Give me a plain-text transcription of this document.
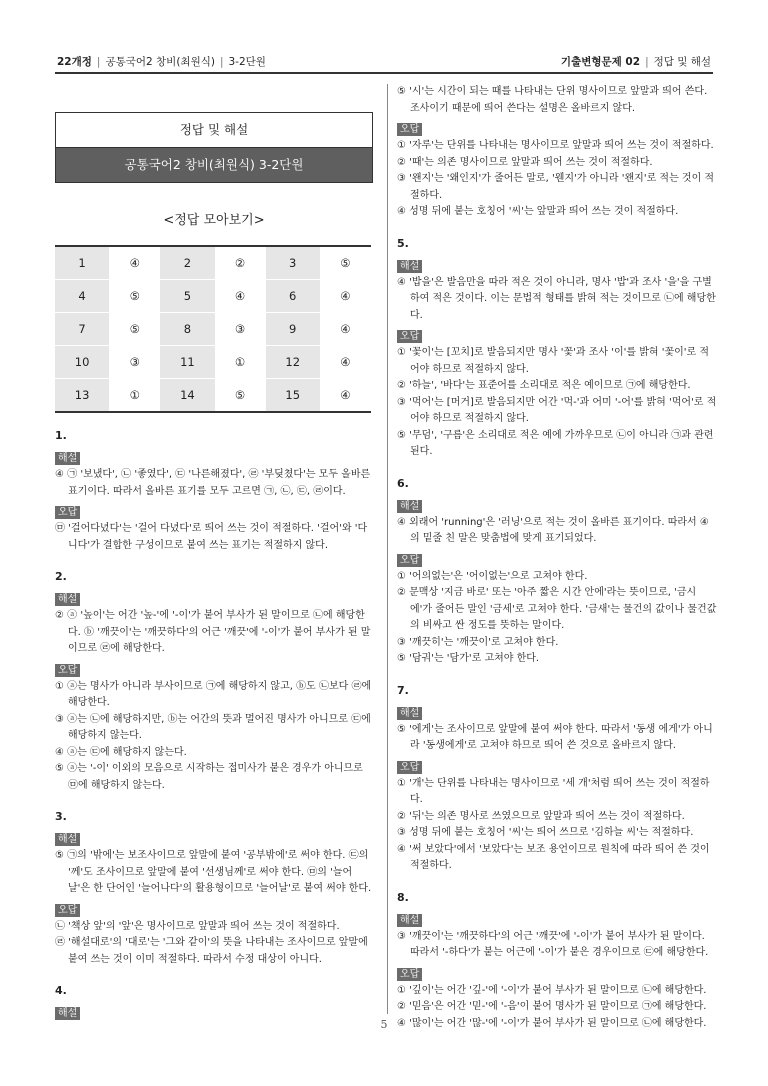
22개정 | 공통국어2 창비(최원식) | 3-2단원	기출변형문제 02 | 정답 및 해설
정답 및 해설
공통국어2 창비(최원식) 3-2단원
<정답 모아보기>
1	④	2	②	3	⑤
4	⑤	5	④	6	④
7	⑤	8	③	9	④
10	③	11	①	12	④
13	①	14	⑤	15	④
1.
해설
④ ㉠ '보냈다', ㉡ '좋였다', ㉢ '나른해졌다', ㉣ '부딪쳤다'는 모두 올바른 표기이다. 따라서 올바른 표기를 모두 고르면 ㉠, ㉡, ㉢, ㉣이다.
오답
㉤ '걸어다녔다'는 '걸어 다녔다'로 띄어 쓰는 것이 적절하다. '걸어'와 '다니다'가 결합한 구성이므로 붙여 쓰는 표기는 적절하지 않다.
2.
해설
② ⓐ '높이'는 어간 '높-'에 '-이'가 붙어 부사가 된 말이므로 ㉡에 해당한다. ⓑ '깨끗이'는 '깨끗하다'의 어근 '깨끗'에 '-이'가 붙어 부사가 된 말이므로 ㉣에 해당한다.
오답
① ⓐ는 명사가 아니라 부사이므로 ㉠에 해당하지 않고, ⓑ도 ㉡보다 ㉣에 해당한다.
③ ⓐ는 ㉡에 해당하지만, ⓑ는 어간의 뜻과 멀어진 명사가 아니므로 ㉢에 해당하지 않는다.
④ ⓐ는 ㉢에 해당하지 않는다.
⑤ ⓐ는 '-이' 이외의 모음으로 시작하는 접미사가 붙은 경우가 아니므로 ㉤에 해당하지 않는다.
3.
해설
⑤ ㉠의 '밖에'는 보조사이므로 앞말에 붙여 '공부밖에'로 써야 한다. ㉢의 '께'도 조사이므로 앞말에 붙여 '선생님께'로 써야 한다. ㉤의 '늘어 날'은 한 단어인 '늘어나다'의 활용형이므로 '늘어날'로 붙여 써야 한다.
오답
㉡ '책상 앞'의 '앞'은 명사이므로 앞말과 띄어 쓰는 것이 적절하다.
㉣ '해설대로'의 '대로'는 '그와 같이'의 뜻을 나타내는 조사이므로 앞말에 붙여 쓰는 것이 이미 적절하다. 따라서 수정 대상이 아니다.
4.
해설
⑤ '시'는 시간이 되는 때를 나타내는 단위 명사이므로 앞말과 띄어 쓴다. 조사이기 때문에 띄어 쓴다는 설명은 올바르지 않다.
오답
① '자루'는 단위를 나타내는 명사이므로 앞말과 띄어 쓰는 것이 적절하다.
② '때'는 의존 명사이므로 앞말과 띄어 쓰는 것이 적절하다.
③ '왠지'는 '왜인지'가 줄어든 말로, '웬지'가 아니라 '왠지'로 적는 것이 적절하다.
④ 성명 뒤에 붙는 호칭어 '씨'는 앞말과 띄어 쓰는 것이 적절하다.
5.
해설
④ '밥을'은 발음만을 따라 적은 것이 아니라, 명사 '밥'과 조사 '을'을 구별하여 적은 것이다. 이는 문법적 형태를 밝혀 적는 것이므로 ㉡에 해당한다.
오답
① '꽃이'는 [꼬치]로 발음되지만 명사 '꽃'과 조사 '이'를 밝혀 '꽃이'로 적어야 하므로 적절하지 않다.
② '하늘', '바다'는 표준어를 소리대로 적은 예이므로 ㉠에 해당한다.
③ '먹어'는 [머거]로 발음되지만 어간 '먹-'과 어미 '-어'를 밝혀 '먹어'로 적어야 하므로 적절하지 않다.
⑤ '무덤', '구름'은 소리대로 적은 예에 가까우므로 ㉡이 아니라 ㉠과 관련된다.
6.
해설
④ 외래어 'running'은 '러닝'으로 적는 것이 올바른 표기이다. 따라서 ④의 밑줄 친 말은 맞춤법에 맞게 표기되었다.
오답
① '어의없는'은 '어이없는'으로 고쳐야 한다.
② 문맥상 '지금 바로' 또는 '아주 짧은 시간 안에'라는 뜻이므로, '금시에'가 줄어든 말인 '금세'로 고쳐야 한다. '금새'는 물건의 값이나 물건값의 비싸고 싼 정도를 뜻하는 말이다.
③ '깨끗히'는 '깨끗이'로 고쳐야 한다.
⑤ '담궈'는 '담가'로 고쳐야 한다.
7.
해설
⑤ '에게'는 조사이므로 앞말에 붙여 써야 한다. 따라서 '동생 에게'가 아니라 '동생에게'로 고쳐야 하므로 띄어 쓴 것으로 올바르지 않다.
오답
① '개'는 단위를 나타내는 명사이므로 '세 개'처럼 띄어 쓰는 것이 적절하다.
② '뒤'는 의존 명사로 쓰였으므로 앞말과 띄어 쓰는 것이 적절하다.
③ 성명 뒤에 붙는 호칭어 '씨'는 띄어 쓰므로 '김하늘 씨'는 적절하다.
④ '써 보았다'에서 '보았다'는 보조 용언이므로 원칙에 따라 띄어 쓴 것이 적절하다.
8.
해설
③ '깨끗이'는 '깨끗하다'의 어근 '깨끗'에 '-이'가 붙어 부사가 된 말이다. 따라서 '-하다'가 붙는 어근에 '-이'가 붙은 경우이므로 ㉢에 해당한다.
오답
① '깊이'는 어간 '깊-'에 '-이'가 붙어 부사가 된 말이므로 ㉡에 해당한다.
② '믿음'은 어간 '믿-'에 '-음'이 붙어 명사가 된 말이므로 ㉠에 해당한다.
④ '많이'는 어간 '많-'에 '-이'가 붙어 부사가 된 말이므로 ㉡에 해당한다.
5
